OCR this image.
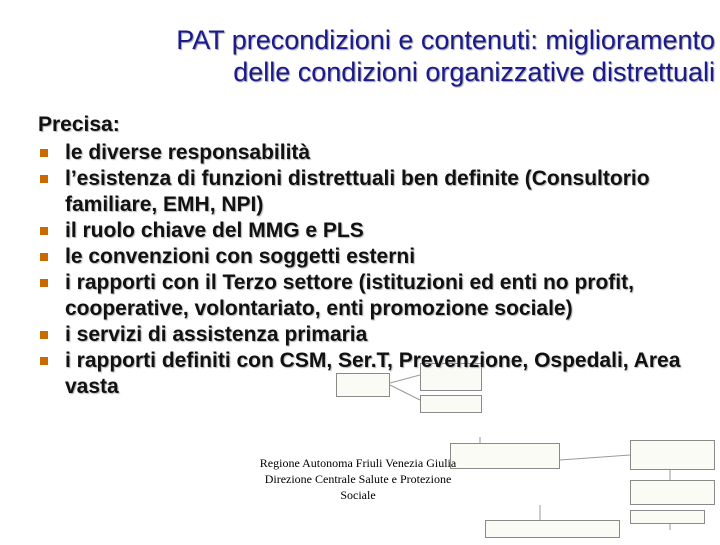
PAT precondizioni e contenuti: miglioramento
delle condizioni organizzative distrettuali
Precisa:
le diverse responsabilità
l’esistenza di funzioni distrettuali ben definite (Consultorio familiare, EMH, NPI)
il ruolo chiave del MMG e PLS
le convenzioni con soggetti esterni
i rapporti con il Terzo settore (istituzioni ed enti no profit, cooperative, volontariato, enti promozione sociale)
i servizi di assistenza primaria
i rapporti definiti con CSM, Ser.T, Prevenzione, Ospedali, Area vasta
Regione Autonoma Friuli Venezia Giulia
Direzione Centrale Salute e Protezione
Sociale
